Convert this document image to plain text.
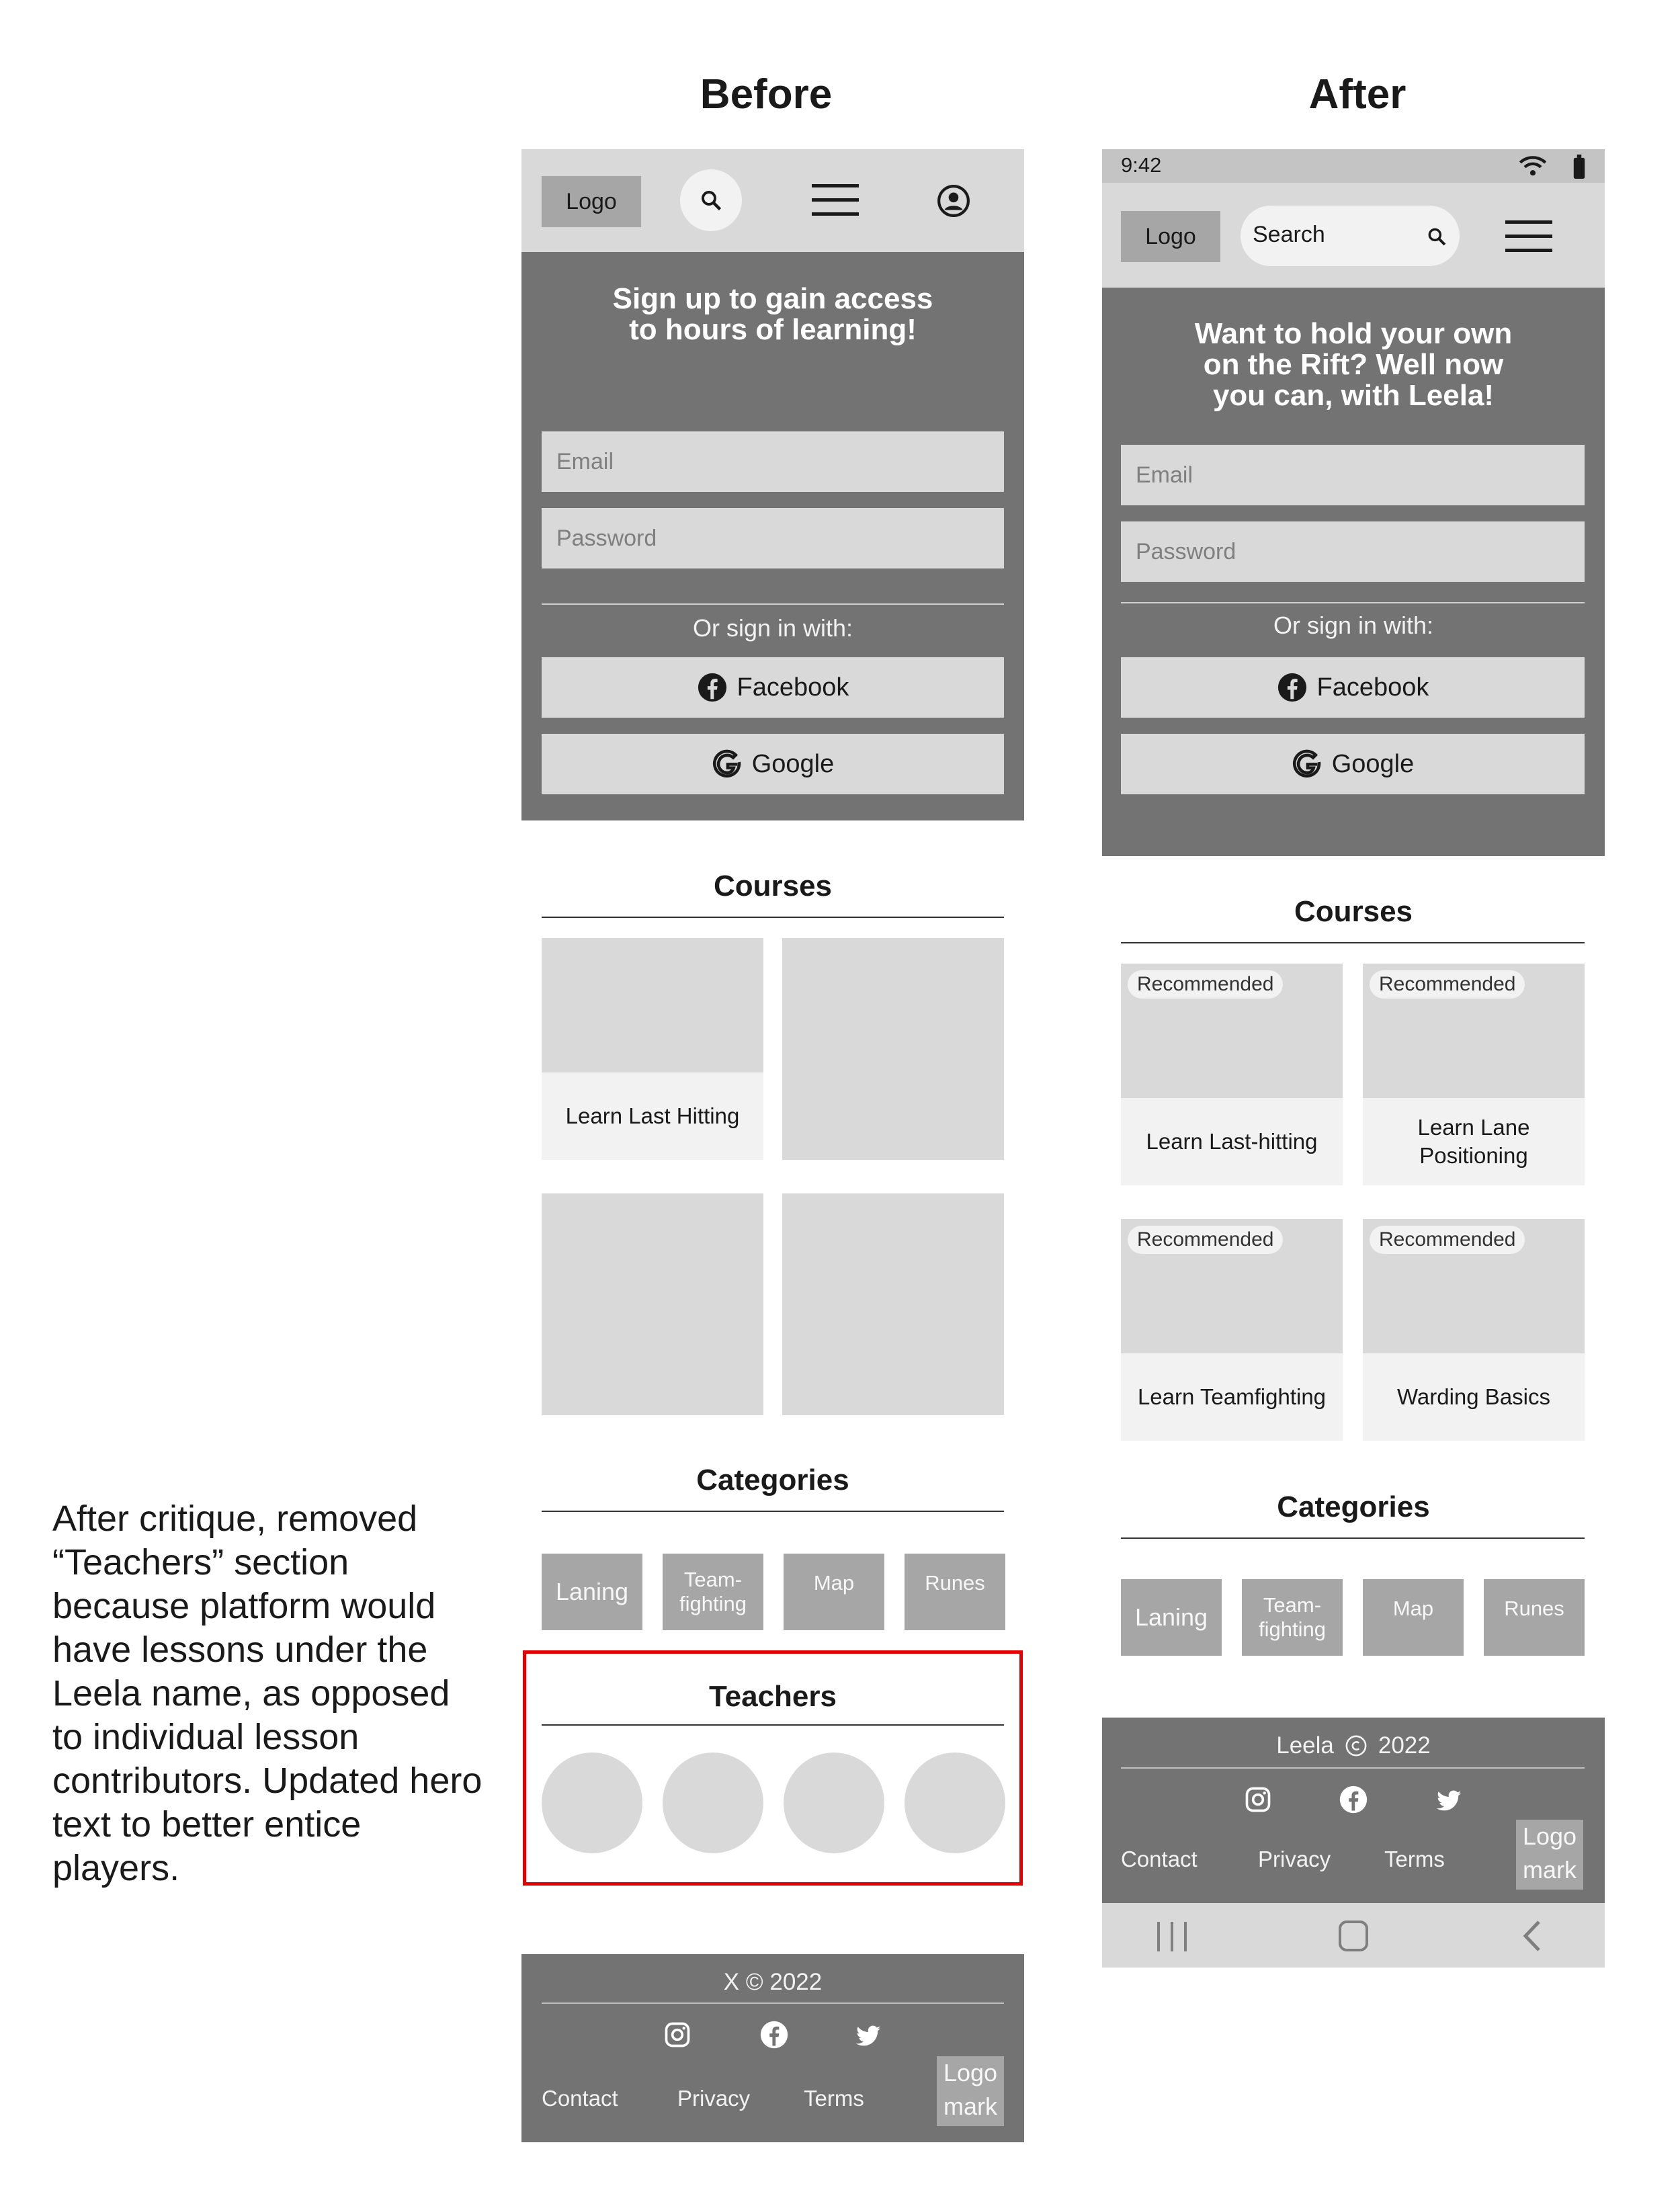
Before	After
After critique, removed “Teachers” section because platform would have lessons under the Leela name, as opposed to individual lesson contributors. Updated hero text to better entice players.
Logo
Sign up to gain access
to hours of learning!
Email
Password
Or sign in with:
Facebook
Google
Courses
Learn Last Hitting
Categories
Laning	Team-
fighting
Map	Runes
Teachers
X © 2022
Contact	Privacy Terms
Logo
mark
9:42
Logo	Search
Want to hold your own
on the Rift? Well now
you can, with Leela!
Email
Password
Or sign in with:
Facebook
Google
Courses
Recommended
Learn Last-hitting
Recommended
Learn Lane Positioning
Recommended
Learn Teamfighting
Recommended
Warding Basics
Categories
Laning	Team-
fighting
Map	Runes
Leela 2022
Contact	Privacy Terms
Logo
mark
